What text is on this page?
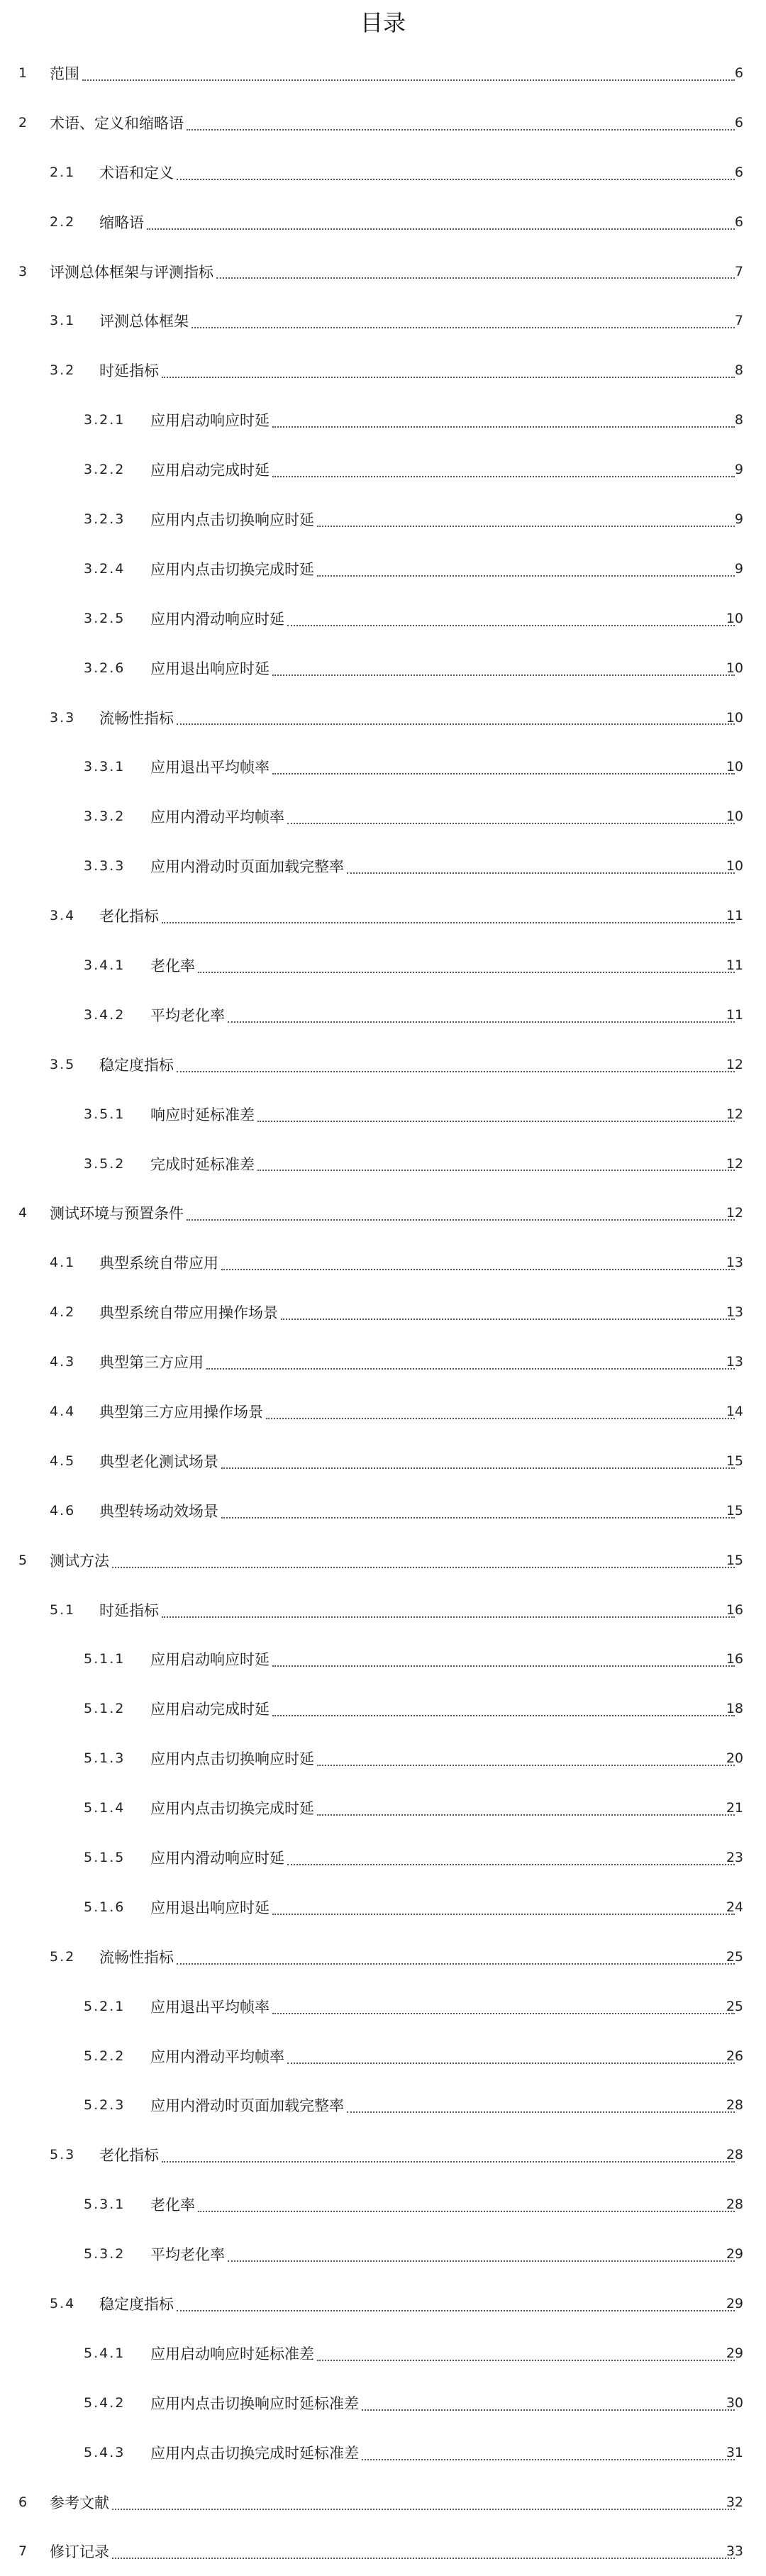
目录
1 范围	6
2 术语、定义和缩略语	6
2.1 术语和定义	6
2.2 缩略语	6
3 评测总体框架与评测指标	7
3.1 评测总体框架	7
3.2 时延指标	8
3.2.1 应用启动响应时延	8
3.2.2 应用启动完成时延	9
3.2.3 应用内点击切换响应时延	9
3.2.4 应用内点击切换完成时延	9
3.2.5 应用内滑动响应时延	10
3.2.6 应用退出响应时延	10
3.3 流畅性指标	10
3.3.1 应用退出平均帧率	10
3.3.2 应用内滑动平均帧率	10
3.3.3 应用内滑动时页面加载完整率	10
3.4 老化指标	11
3.4.1 老化率	11
3.4.2 平均老化率	11
3.5 稳定度指标	12
3.5.1 响应时延标准差	12
3.5.2 完成时延标准差	12
4 测试环境与预置条件	12
4.1 典型系统自带应用	13
4.2 典型系统自带应用操作场景	13
4.3 典型第三方应用	13
4.4 典型第三方应用操作场景	14
4.5 典型老化测试场景	15
4.6 典型转场动效场景	15
5 测试方法	15
5.1 时延指标	16
5.1.1 应用启动响应时延	16
5.1.2 应用启动完成时延	18
5.1.3 应用内点击切换响应时延	20
5.1.4 应用内点击切换完成时延	21
5.1.5 应用内滑动响应时延	23
5.1.6 应用退出响应时延	24
5.2 流畅性指标	25
5.2.1 应用退出平均帧率	25
5.2.2 应用内滑动平均帧率	26
5.2.3 应用内滑动时页面加载完整率	28
5.3 老化指标	28
5.3.1 老化率	28
5.3.2 平均老化率	29
5.4 稳定度指标	29
5.4.1 应用启动响应时延标准差	29
5.4.2 应用内点击切换响应时延标准差	30
5.4.3 应用内点击切换完成时延标准差	31
6 参考文献	32
7 修订记录	33
